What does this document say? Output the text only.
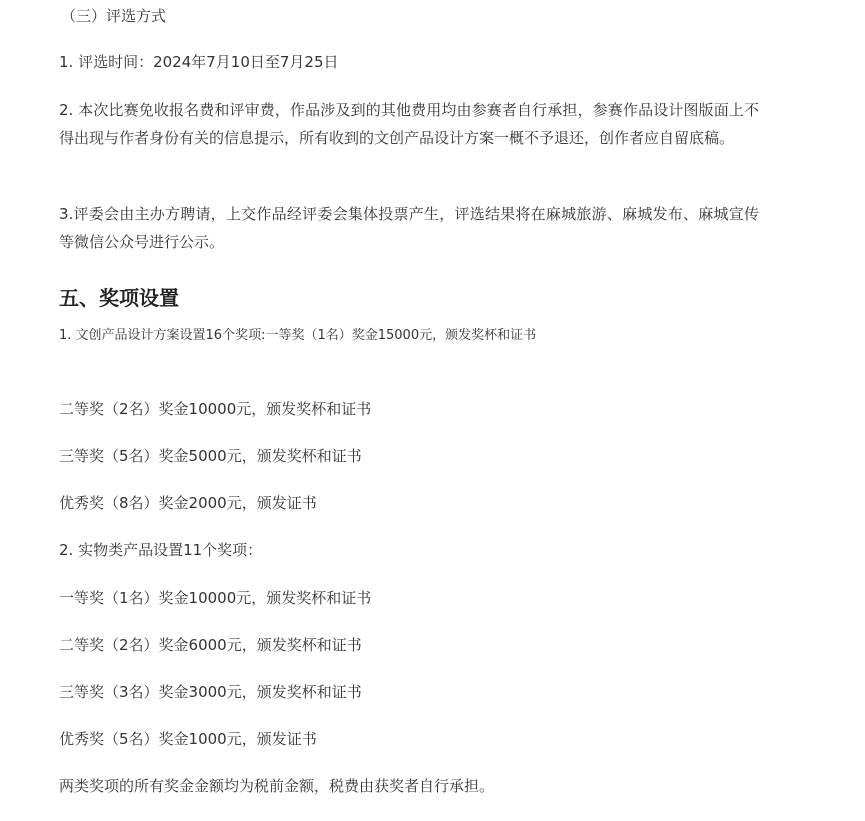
（三）评选方式
1. 评选时间：2024年7月10日至7月25日
2. 本次比赛免收报名费和评审费，作品涉及到的其他费用均由参赛者自行承担，参赛作品设计图版面上不得出现与作者身份有关的信息提示，所有收到的文创产品设计方案一概不予退还，创作者应自留底稿。
3.评委会由主办方聘请，上交作品经评委会集体投票产生，评选结果将在麻城旅游、麻城发布、麻城宣传等微信公众号进行公示。
五、奖项设置
1. 文创产品设计方案设置16个奖项:一等奖（1名）奖金15000元，颁发奖杯和证书
二等奖（2名）奖金10000元，颁发奖杯和证书
三等奖（5名）奖金5000元，颁发奖杯和证书
优秀奖（8名）奖金2000元，颁发证书
2. 实物类产品设置11个奖项：
一等奖（1名）奖金10000元，颁发奖杯和证书
二等奖（2名）奖金6000元，颁发奖杯和证书
三等奖（3名）奖金3000元，颁发奖杯和证书
优秀奖（5名）奖金1000元，颁发证书
两类奖项的所有奖金金额均为税前金额，税费由获奖者自行承担。
